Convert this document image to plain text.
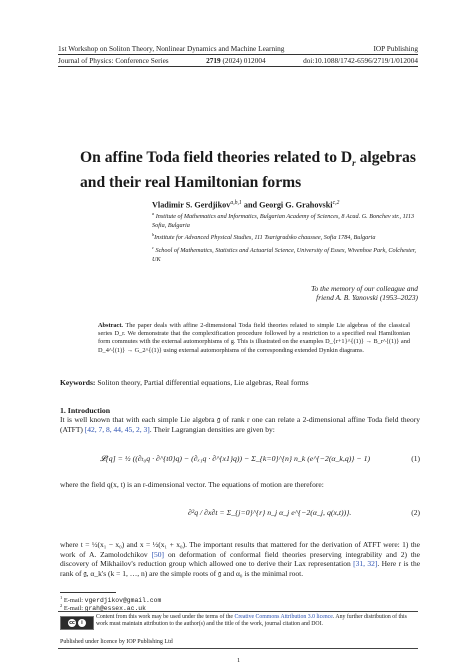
1st Workshop on Soliton Theory, Nonlinear Dynamics and Machine Learning	IOP Publishing
Journal of Physics: Conference Series	2719 (2024) 012004	doi:10.1088/1742-6596/2719/1/012004
On affine Toda field theories related to $D_r$ algebras and their real Hamiltonian forms
Vladimir S. Gerdjikov$^{a,b,1}$ and Georgi G. Grahovski$^{c,2}$
$^a$ Institute of Mathematics and Informatics, Bulgarian Academy of Sciences, 8 Acad. G. Bonchev str., 1113 Sofia, Bulgaria
$^b$Institute for Advanced Physical Studies, 111 Tsarigradsko chaussee, Sofia 1784, Bulgaria
$^c$ School of Mathematics, Statistics and Actuarial Science, University of Essex, Wivenhoe Park, Colchester, UK
To the memory of our colleague and
friend A. B. Yanovski (1953–2023)
Abstract. The paper deals with affine 2-dimensional Toda field theories related to simple Lie algebras of the classical series D_r. We demonstrate that the complexification procedure followed by a restriction to a specified real Hamiltonian form commutes with the external automorphisms of g. This is illustrated on the examples D_{r+1}^{(1)} → B_r^{(1)} and D_4^{(1)} → G_2^{(1)} using external automorphisms of the corresponding extended Dynkin diagrams.
Keywords: Soliton theory, Partial differential equations, Lie algebras, Real forms
1. Introduction
It is well known that with each simple Lie algebra 𝔤 of rank r one can relate a 2-dimensional affine Toda field theory (ATFT) [42, 7, 8, 44, 45, 2, 3]. Their Lagrangian densities are given by:
𝓛[q] = ½ ((∂ₜ₀q · ∂^{t0}q) − (∂ₓ₁q · ∂^{x1}q)) − Σ_{k=0}^{n} n_k (e^{−2(α_k,q)} − 1)	(1)
where the field q(x, t) is an r-dimensional vector. The equations of motion are therefore:
∂²q / ∂x∂t = Σ_{j=0}^{r} n_j α_j e^{−2(α_j, q(x,t))}.	(2)
where t = ½(x₁ − x₀) and x = ½(x₁ + x₀). The important results that mattered for the derivation of ATFT were: 1) the work of A. Zamolodchikov [50] on deformation of conformal field theories preserving integrability and 2) the discovery of Mikhailov's reduction group which allowed one to derive their Lax representation [31, 32]. Here r is the rank of 𝔤, α_k's (k = 1, …, n) are the simple roots of 𝔤 and α₀ is the minimal root.
$^1$ E-mail: vgerdjikov@gmail.com
$^2$ E-mail: grah@essex.ac.uk
cc	i
Content from this work may be used under the terms of the Creative Commons Attribution 3.0 licence. Any further distribution of this work must maintain attribution to the author(s) and the title of the work, journal citation and DOI.
Published under licence by IOP Publishing Ltd
1
